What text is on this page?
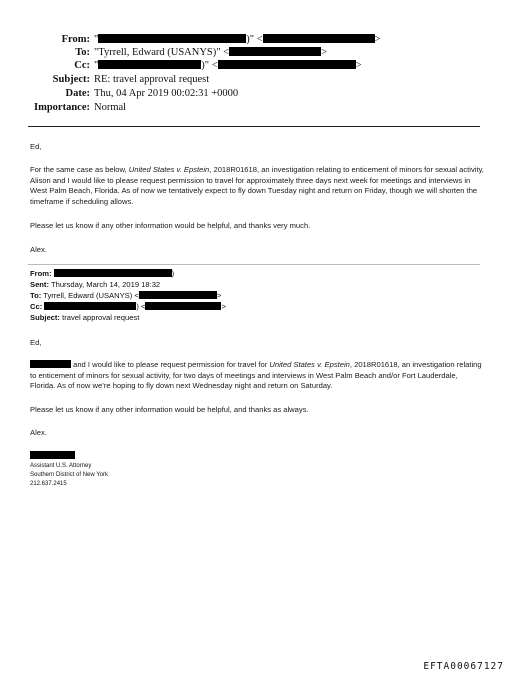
From: "	)" <	>
To: "Tyrrell, Edward (USANYS)" <	>
Cc: "	)" <	>
Subject: RE: travel approval request
Date: Thu, 04 Apr 2019 00:02:31 +0000
Importance: Normal
Ed,
For the same case as below, United States v. Epstein, 2018R01618, an investigation relating to enticement of minors for sexual activity, Alison and I would like to please request permission to travel for approximately three days next week for meetings and interviews in West Palm Beach, Florida. As of now we tentatively expect to fly down Tuesday night and return on Friday, though we will shorten the timeframe if scheduling allows.
Please let us know if any other information would be helpful, and thanks very much.
Alex.
From:	)
Sent: Thursday, March 14, 2019 18:32
To: Tyrrell, Edward (USANYS) <	>
Cc:	) <	>
Subject: travel approval request
Ed,
and I would like to please request permission for travel for United States v. Epstein, 2018R01618, an investigation relating to enticement of minors for sexual activity, for two days of meetings and interviews in West Palm Beach and/or Fort Lauderdale, Florida. As of now we’re hoping to fly down next Wednesday night and return on Saturday.
Please let us know if any other information would be helpful, and thanks as always.
Alex.
Assistant U.S. Attorney
Southern District of New York
212.637.2415
EFTA00067127
